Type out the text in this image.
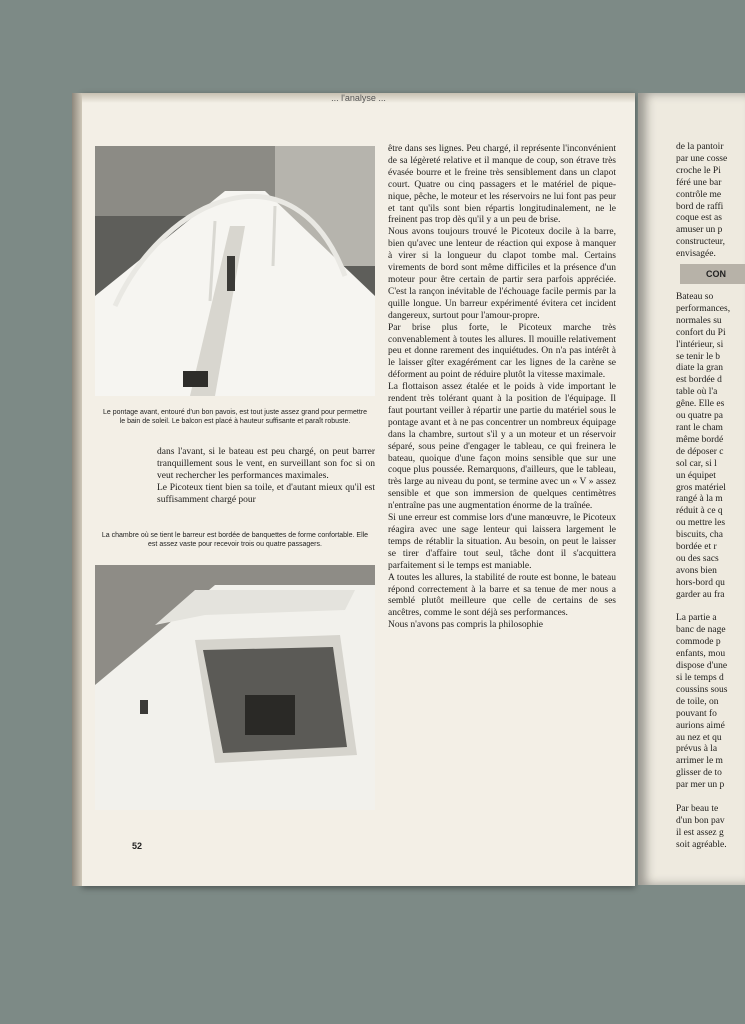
... l'analyse ...
Le pontage avant, entouré d'un bon pavois, est tout juste assez grand pour permettre le bain de soleil. Le balcon est placé à hauteur suffisante et paraît robuste.
dans l'avant, si le bateau est peu chargé, on peut barrer tranquillement sous le vent, en surveillant son foc si on veut rechercher les performances maximales.
Le Picoteux tient bien sa toile, et d'autant mieux qu'il est suffisamment chargé pour
La chambre où se tient le barreur est bordée de banquettes de forme confortable. Elle est assez vaste pour recevoir trois ou quatre passagers.
être dans ses lignes. Peu chargé, il représente l'inconvénient de sa légèreté relative et il manque de coup, son étrave très évasée bourre et le freine très sensiblement dans un clapot court. Quatre ou cinq passagers et le matériel de pique-nique, pêche, le moteur et les réservoirs ne lui font pas peur et tant qu'ils sont bien répartis longitudinalement, ne le freinent pas trop dès qu'il y a un peu de brise.
Nous avons toujours trouvé le Picoteux docile à la barre, bien qu'avec une lenteur de réaction qui expose à manquer à virer si la longueur du clapot tombe mal. Certains virements de bord sont même difficiles et la présence d'un moteur pour être certain de partir sera parfois appréciée. C'est la rançon inévitable de l'échouage facile permis par la quille longue. Un barreur expérimenté évitera cet incident dangereux, surtout pour l'amour-propre.
Par brise plus forte, le Picoteux marche très convenablement à toutes les allures. Il mouille relativement peu et donne rarement des inquiétudes. On n'a pas intérêt à le laisser gîter exagérément car les lignes de la carène se déforment au point de réduire plutôt la vitesse maximale.
La flottaison assez étalée et le poids à vide important le rendent très tolérant quant à la position de l'équipage. Il faut pourtant veiller à répartir une partie du matériel sous le pontage avant et à ne pas concentrer un nombreux équipage dans la chambre, surtout s'il y a un moteur et un réservoir séparé, sous peine d'engager le tableau, ce qui freinera le bateau, quoique d'une façon moins sensible que sur une coque plus poussée. Remarquons, d'ailleurs, que le tableau, très large au niveau du pont, se termine avec un « V » assez sensible et que son immersion de quelques centimètres n'entraîne pas une augmentation énorme de la traînée.
Si une erreur est commise lors d'une manœuvre, le Picoteux réagira avec une sage lenteur qui laissera largement le temps de rétablir la situation. Au besoin, on peut le laisser se tirer d'affaire tout seul, tâche dont il s'acquittera parfaitement si le temps est maniable.
A toutes les allures, la stabilité de route est bonne, le bateau répond correctement à la barre et sa tenue de mer nous a semblé plutôt meilleure que celle de certains de ses ancêtres, comme le sont déjà ses performances.
Nous n'avons pas compris la philosophie
52
de la pantoir
par une cosse
croche le Pi
féré une bar
contrôle me
bord de raffi
coque est as
amuser un p
constructeur,
envisagée.
CON
Bateau so
performances,
normales su
confort du Pi
l'intérieur, si
se tenir le b
diate la gran
est bordée d
table où l'a
gêne. Elle es
ou quatre pa
rant le cham
même bordé
de déposer c
sol car, si l
un équipet
gros matériel
rangé à la m
réduit à ce q
ou mettre les
biscuits, cha
bordée et r
ou des sacs
avons bien
hors-bord qu
garder au fra

La partie a
banc de nage
commode p
enfants, mou
dispose d'une
si le temps d
coussins sous
de toile, on
pouvant fo
aurions aimé
au nez et qu
prévus à la
arrimer le m
glisser de to
par mer un p

Par beau te
d'un bon pav
il est assez g
soit agréable.
